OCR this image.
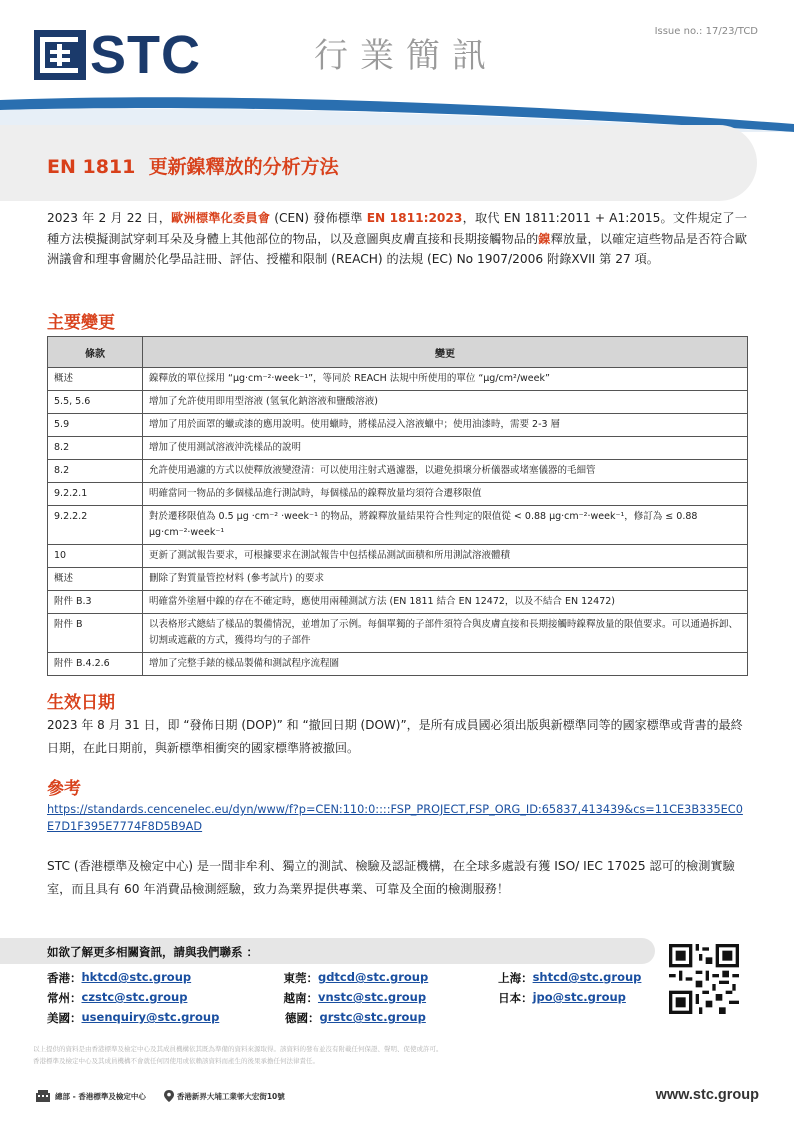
Issue no.: 17/23/TCD
STC	行業簡訊
EN 1811 更新鎳釋放的分析方法
2023 年 2 月 22 日，歐洲標準化委員會 (CEN) 發佈標準 EN 1811:2023，取代 EN 1811:2011 + A1:2015。文件規定了一種方法模擬測試穿刺耳朵及身體上其他部位的物品，以及意圖與皮膚直接和長期接觸物品的鎳釋放量，以確定這些物品是否符合歐洲議會和理事會關於化學品註冊、評估、授權和限制 (REACH) 的法規 (EC) No 1907/2006 附錄XVII 第 27 項。
主要變更
條款	變更
概述	鎳釋放的單位採用 “μg·cm⁻²·week⁻¹”，等同於 REACH 法規中所使用的單位 “μg/cm²/week”
5.5, 5.6	增加了允許使用即用型溶液 (氫氧化鈉溶液和鹽酸溶液)
5.9	增加了用於面罩的蠟或漆的應用說明。使用蠟時，將樣品浸入溶液蠟中；使用油漆時，需要 2-3 層
8.2	增加了使用測試溶液沖洗樣品的說明
8.2	允許使用過濾的方式以使釋放液變澄清：可以使用注射式過濾器，以避免損壞分析儀器或堵塞儀器的毛細管
9.2.2.1	明確當同一物品的多個樣品進行測試時，每個樣品的鎳釋放量均須符合遷移限值
9.2.2.2	對於遷移限值為 0.5 μg ·cm⁻² ·week⁻¹ 的物品，將鎳釋放量結果符合性判定的限值從 < 0.88 μg·cm⁻²·week⁻¹，修訂為 ≤ 0.88 μg·cm⁻²·week⁻¹
10	更新了測試報告要求，可根據要求在測試報告中包括樣品測試面積和所用測試溶液體積
概述	刪除了對質量管控材料 (參考試片) 的要求
附件 B.3	明確當外塗層中鎳的存在不確定時，應使用兩種測試方法 (EN 1811 結合 EN 12472，以及不結合 EN 12472)
附件 B	以表格形式總結了樣品的製備情況，並增加了示例。每個單獨的子部件須符合與皮膚直接和長期接觸時鎳釋放量的限值要求。可以通過拆卸、切割或遮蔽的方式，獲得均勻的子部件
附件 B.4.2.6	增加了完整手錶的樣品製備和測試程序流程圖
生效日期
2023 年 8 月 31 日，即 “發佈日期 (DOP)” 和 “撤回日期 (DOW)”，是所有成員國必須出版與新標準同等的國家標準或背書的最終日期，在此日期前，與新標準相衝突的國家標準將被撤回。
參考
https://standards.cencenelec.eu/dyn/www/f?p=CEN:110:0::::FSP_PROJECT,FSP_ORG_ID:65837,413439&cs=11CE3B335EC0E7D1F395E7774F8D5B9AD
STC (香港標準及檢定中心) 是一間非牟利、獨立的測試、檢驗及認証機構，在全球多處設有獲 ISO/ IEC 17025 認可的檢測實驗室，而且具有 60 年消費品檢測經驗，致力為業界提供專業、可靠及全面的檢測服務！
如欲了解更多相關資訊，請與我們聯系 ：
香港： hktcd@stc.group	東莞： gdtcd@stc.group	上海： shtcd@stc.group
常州： czstc@stc.group	越南： vnstc@stc.group	日本： jpo@stc.group
美國： usenquiry@stc.group	德國： grstc@stc.group
以上提供的資料是由香港標準及檢定中心及其成員機構依其既為準備的資料來源取得。該資料的發布並沒有附載任何保證、聲明、促使或許可。
香港標準及檢定中心及其成員機構不會就任何因使用或依賴該資料而產生的後果承擔任何法律責任。
總部 - 香港標準及檢定中心	香港新界大埔工業邨大宏街10號	www.stc.group
